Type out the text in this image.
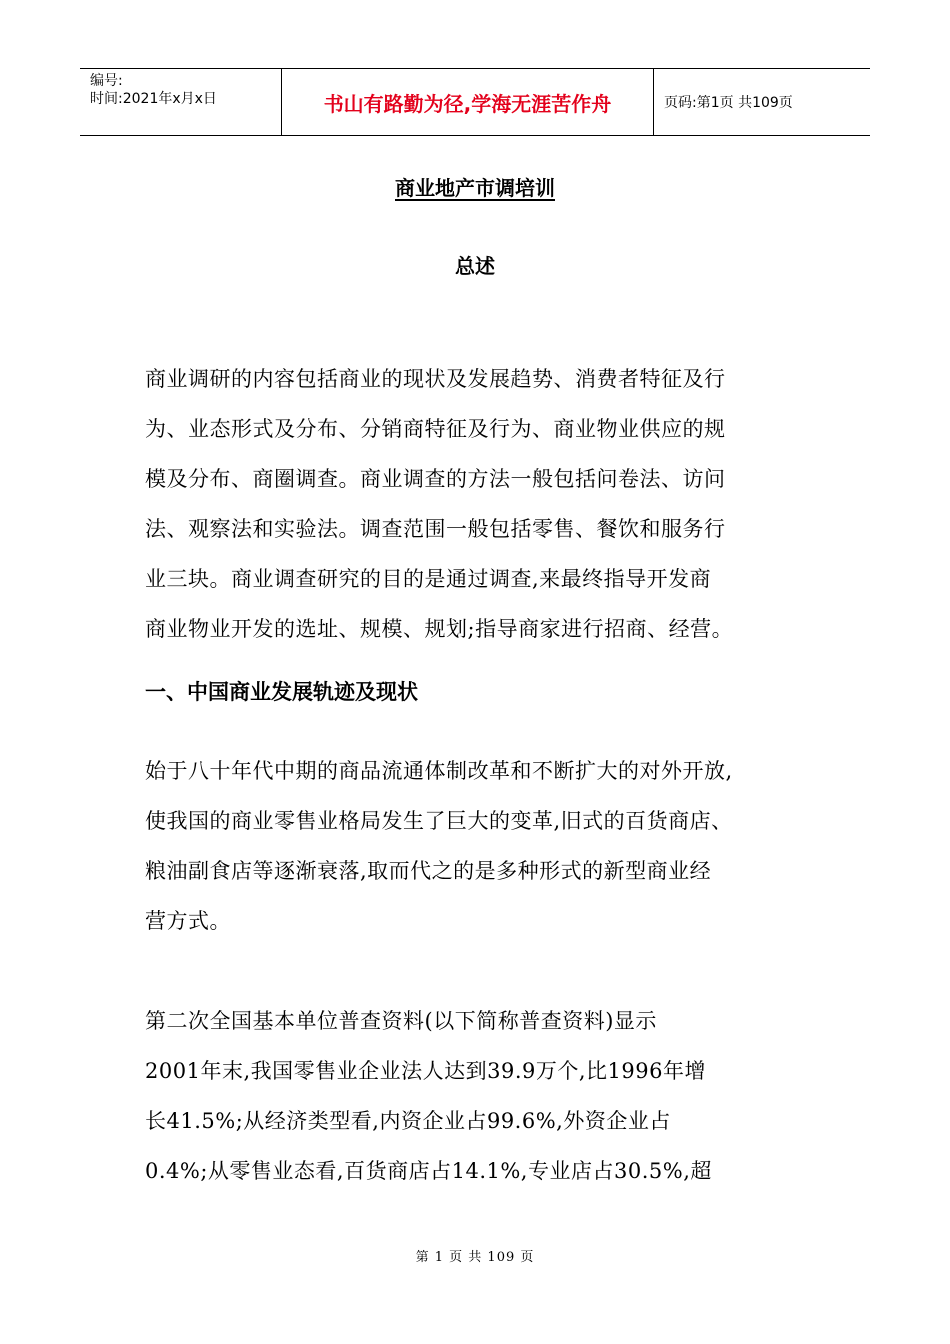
编号:
时间:2021年x月x日	书山有路勤为径,学海无涯苦作舟	页码:第1页 共109页
商业地产市调培训
总述

商业调研的内容包括商业的现状及发展趋势、消费者特征及行
为、业态形式及分布、分销商特征及行为、商业物业供应的规
模及分布、商圈调查。商业调查的方法一般包括问卷法、访问
法、观察法和实验法。调查范围一般包括零售、餐饮和服务行
业三块。商业调查研究的目的是通过调查,来最终指导开发商
商业物业开发的选址、规模、规划;指导商家进行招商、经营。

一、中国商业发展轨迹及现状

始于八十年代中期的商品流通体制改革和不断扩大的对外开放,
使我国的商业零售业格局发生了巨大的变革,旧式的百货商店、
粮油副食店等逐渐衰落,取而代之的是多种形式的新型商业经
营方式。

第二次全国基本单位普查资料(以下简称普查资料)显示
2001年末,我国零售业企业法人达到39.9万个,比1996年增
长41.5%;从经济类型看,内资企业占99.6%,外资企业占
0.4%;从零售业态看,百货商店占14.1%,专业店占30.5%,超

第 1 页 共 109 页
